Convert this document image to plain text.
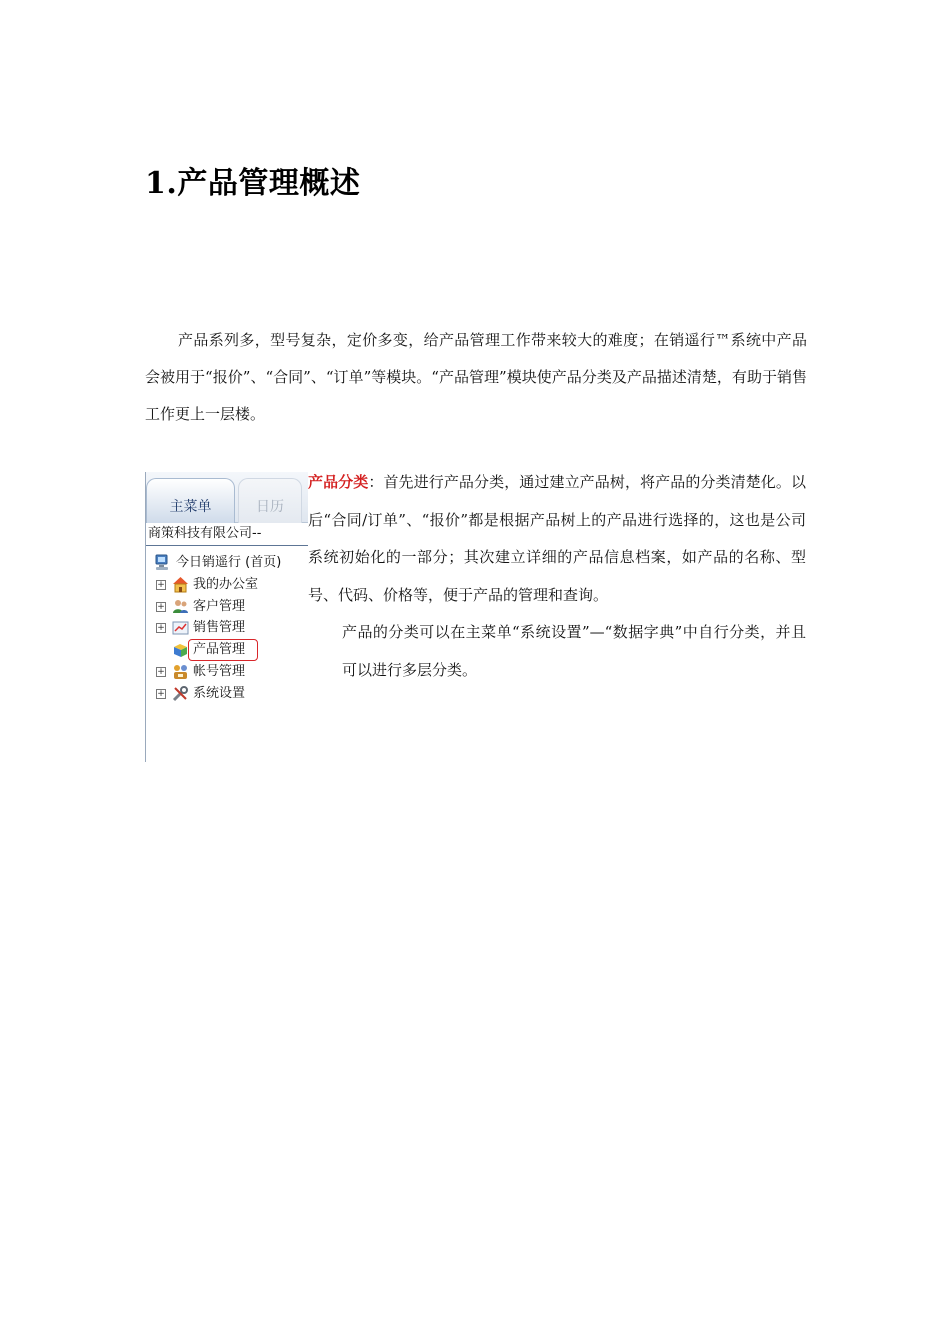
1.产品管理概述

产品系列多，型号复杂，定价多变，给产品管理工作带来较大的难度；在销遥行™系统中产品会被用于“报价”、“合同”、“订单”等模块。“产品管理”模块使产品分类及产品描述清楚，有助于销售工作更上一层楼。

主菜单	日历
商策科技有限公司--
今日销遥行 (首页)
+ 我的办公室
+ 客户管理
+ 销售管理
产品管理
+ 帐号管理
+ 系统设置

产品分类：首先进行产品分类，通过建立产品树，将产品的分类清楚化。以后“合同/订单”、“报价”都是根据产品树上的产品进行选择的，这也是公司系统初始化的一部分；其次建立详细的产品信息档案，如产品的名称、型号、代码、价格等，便于产品的管理和查询。

产品的分类可以在主菜单“系统设置”—“数据字典”中自行分类，并且可以进行多层分类。
